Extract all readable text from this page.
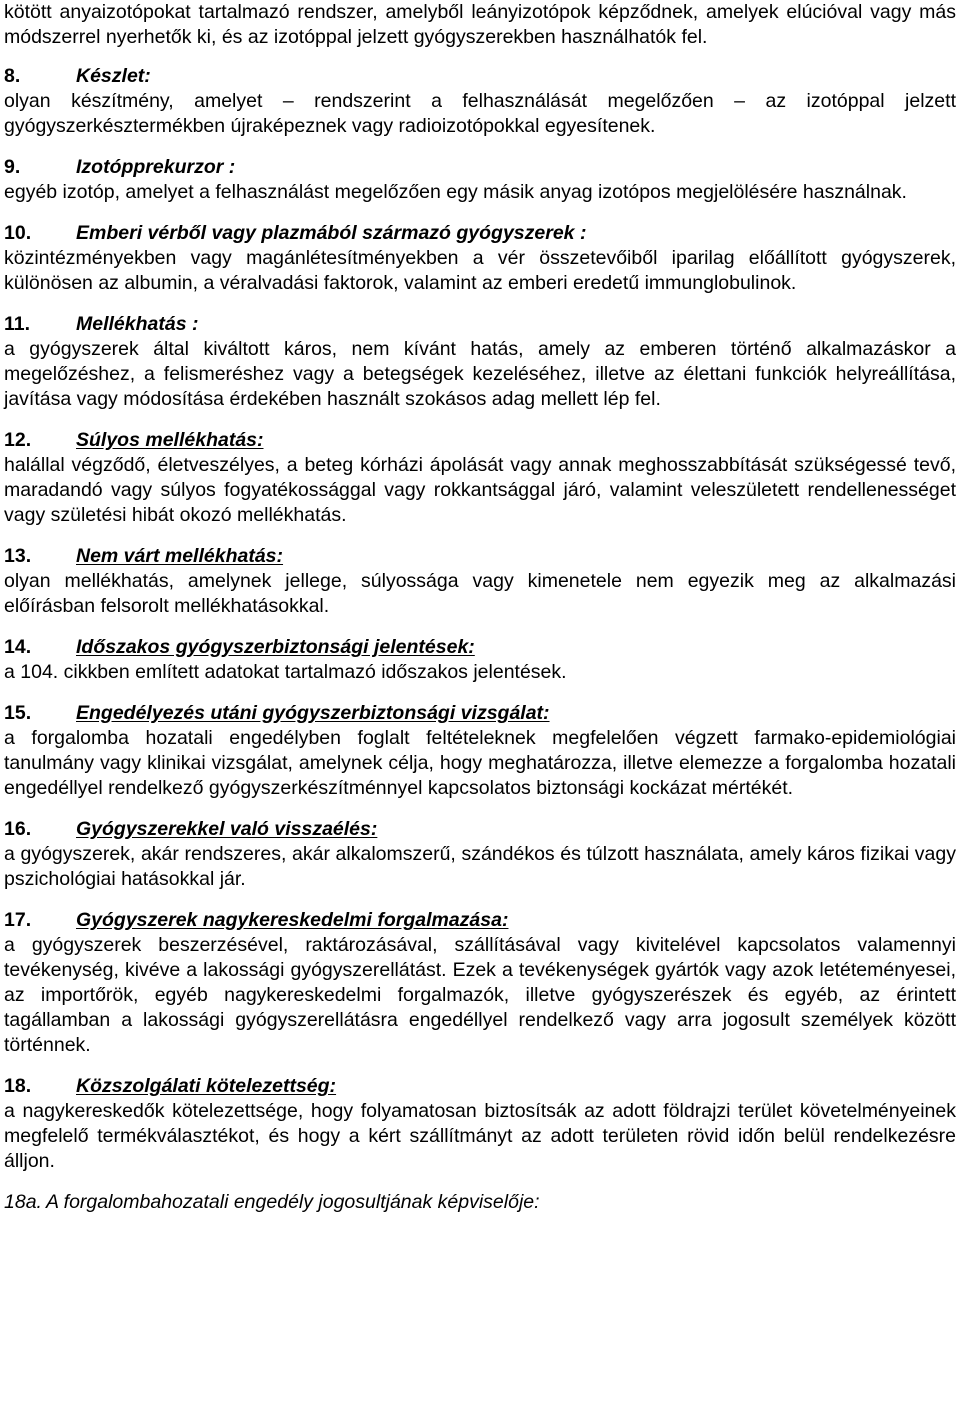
kötött anyaizotópokat tartalmazó rendszer, amelyből leányizotópok képződnek, amelyek elúcióval vagy más módszerrel nyerhetők ki, és az izotóppal jelzett gyógyszerekben használhatók fel.

8.	Készlet:

olyan készítmény, amelyet – rendszerint a felhasználását megelőzően – az izotóppal jelzett gyógyszerkésztermékben újraképeznek vagy radioizotópokkal egyesítenek.

9.	Izotópprekurzor :

egyéb izotóp, amelyet a felhasználást megelőzően egy másik anyag izotópos megjelölésére használnak.

10.	Emberi vérből vagy plazmából származó gyógyszerek :

közintézményekben vagy magánlétesítményekben a vér összetevőiből iparilag előállított gyógyszerek, különösen az albumin, a véralvadási faktorok, valamint az emberi eredetű immunglobulinok.

11.	Mellékhatás :

a gyógyszerek által kiváltott káros, nem kívánt hatás, amely az emberen történő alkalmazáskor a megelőzéshez, a felismeréshez vagy a betegségek kezeléséhez, illetve az élettani funkciók helyreállítása, javítása vagy módosítása érdekében használt szokásos adag mellett lép fel.

12.	Súlyos mellékhatás:

halállal végződő, életveszélyes, a beteg kórházi ápolását vagy annak meghosszabbítását szükségessé tevő, maradandó vagy súlyos fogyatékossággal vagy rokkantsággal járó, valamint veleszületett rendellenességet vagy születési hibát okozó mellékhatás.

13.	Nem várt mellékhatás:

olyan mellékhatás, amelynek jellege, súlyossága vagy kimenetele nem egyezik meg az alkalmazási előírásban felsorolt mellékhatásokkal.

14.	Időszakos gyógyszerbiztonsági jelentések:

a 104. cikkben említett adatokat tartalmazó időszakos jelentések.

15.	Engedélyezés utáni gyógyszerbiztonsági vizsgálat:

a forgalomba hozatali engedélyben foglalt feltételeknek megfelelően végzett farmako-epidemiológiai tanulmány vagy klinikai vizsgálat, amelynek célja, hogy meghatározza, illetve elemezze a forgalomba hozatali engedéllyel rendelkező gyógyszerkészítménnyel kapcsolatos biztonsági kockázat mértékét.

16.	Gyógyszerekkel való visszaélés:

a gyógyszerek, akár rendszeres, akár alkalomszerű, szándékos és túlzott használata, amely káros fizikai vagy pszichológiai hatásokkal jár.

17.	Gyógyszerek nagykereskedelmi forgalmazása:

a gyógyszerek beszerzésével, raktározásával, szállításával vagy kivitelével kapcsolatos valamennyi tevékenység, kivéve a lakossági gyógyszerellátást. Ezek a tevékenységek gyártók vagy azok letéteményesei, az importőrök, egyéb nagykereskedelmi forgalmazók, illetve gyógyszerészek és egyéb, az érintett tagállamban a lakossági gyógyszerellátásra engedéllyel rendelkező vagy arra jogosult személyek között történnek.

18.	Közszolgálati kötelezettség:

a nagykereskedők kötelezettsége, hogy folyamatosan biztosítsák az adott földrajzi terület követelményeinek megfelelő termékválasztékot, és hogy a kért szállítmányt az adott területen rövid időn belül rendelkezésre álljon.

18a. A forgalombahozatali engedély jogosultjának képviselője:
